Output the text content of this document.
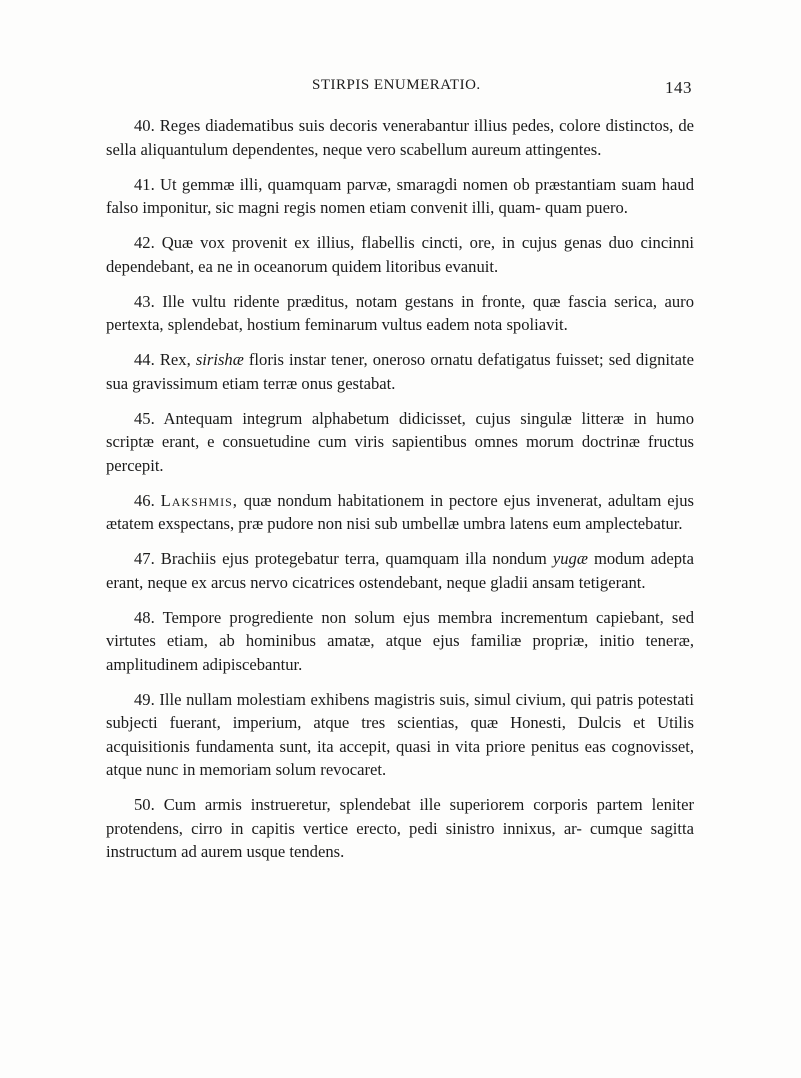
STIRPIS ENUMERATIO.	143

40. Reges diadematibus suis decoris venerabantur illius pedes, colore distinctos, de sella aliquantulum dependentes, neque vero scabellum aureum attingentes.

41. Ut gemmæ illi, quamquam parvæ, smaragdi nomen ob præstantiam suam haud falso imponitur, sic magni regis nomen etiam convenit illi, quam- quam puero.

42. Quæ vox provenit ex illius, flabellis cincti, ore, in cujus genas duo cincinni dependebant, ea ne in oceanorum quidem litoribus evanuit.

43. Ille vultu ridente præditus, notam gestans in fronte, quæ fascia serica, auro pertexta, splendebat, hostium feminarum vultus eadem nota spoliavit.

44. Rex, sirishæ floris instar tener, oneroso ornatu defatigatus fuisset; sed dignitate sua gravissimum etiam terræ onus gestabat.

45. Antequam integrum alphabetum didicisset, cujus singulæ litteræ in humo scriptæ erant, e consuetudine cum viris sapientibus omnes morum doctrinæ fructus percepit.

46. Lakshmis, quæ nondum habitationem in pectore ejus invenerat, adultam ejus ætatem exspectans, præ pudore non nisi sub umbellæ umbra latens eum amplectebatur.

47. Brachiis ejus protegebatur terra, quamquam illa nondum yugæ modum adepta erant, neque ex arcus nervo cicatrices ostendebant, neque gladii ansam tetigerant.

48. Tempore progrediente non solum ejus membra incrementum capiebant, sed virtutes etiam, ab hominibus amatæ, atque ejus familiæ propriæ, initio teneræ, amplitudinem adipiscebantur.

49. Ille nullam molestiam exhibens magistris suis, simul civium, qui patris potestati subjecti fuerant, imperium, atque tres scientias, quæ Honesti, Dulcis et Utilis acquisitionis fundamenta sunt, ita accepit, quasi in vita priore penitus eas cognovisset, atque nunc in memoriam solum revocaret.

50. Cum armis instrueretur, splendebat ille superiorem corporis partem leniter protendens, cirro in capitis vertice erecto, pedi sinistro innixus, ar- cumque sagitta instructum ad aurem usque tendens.
